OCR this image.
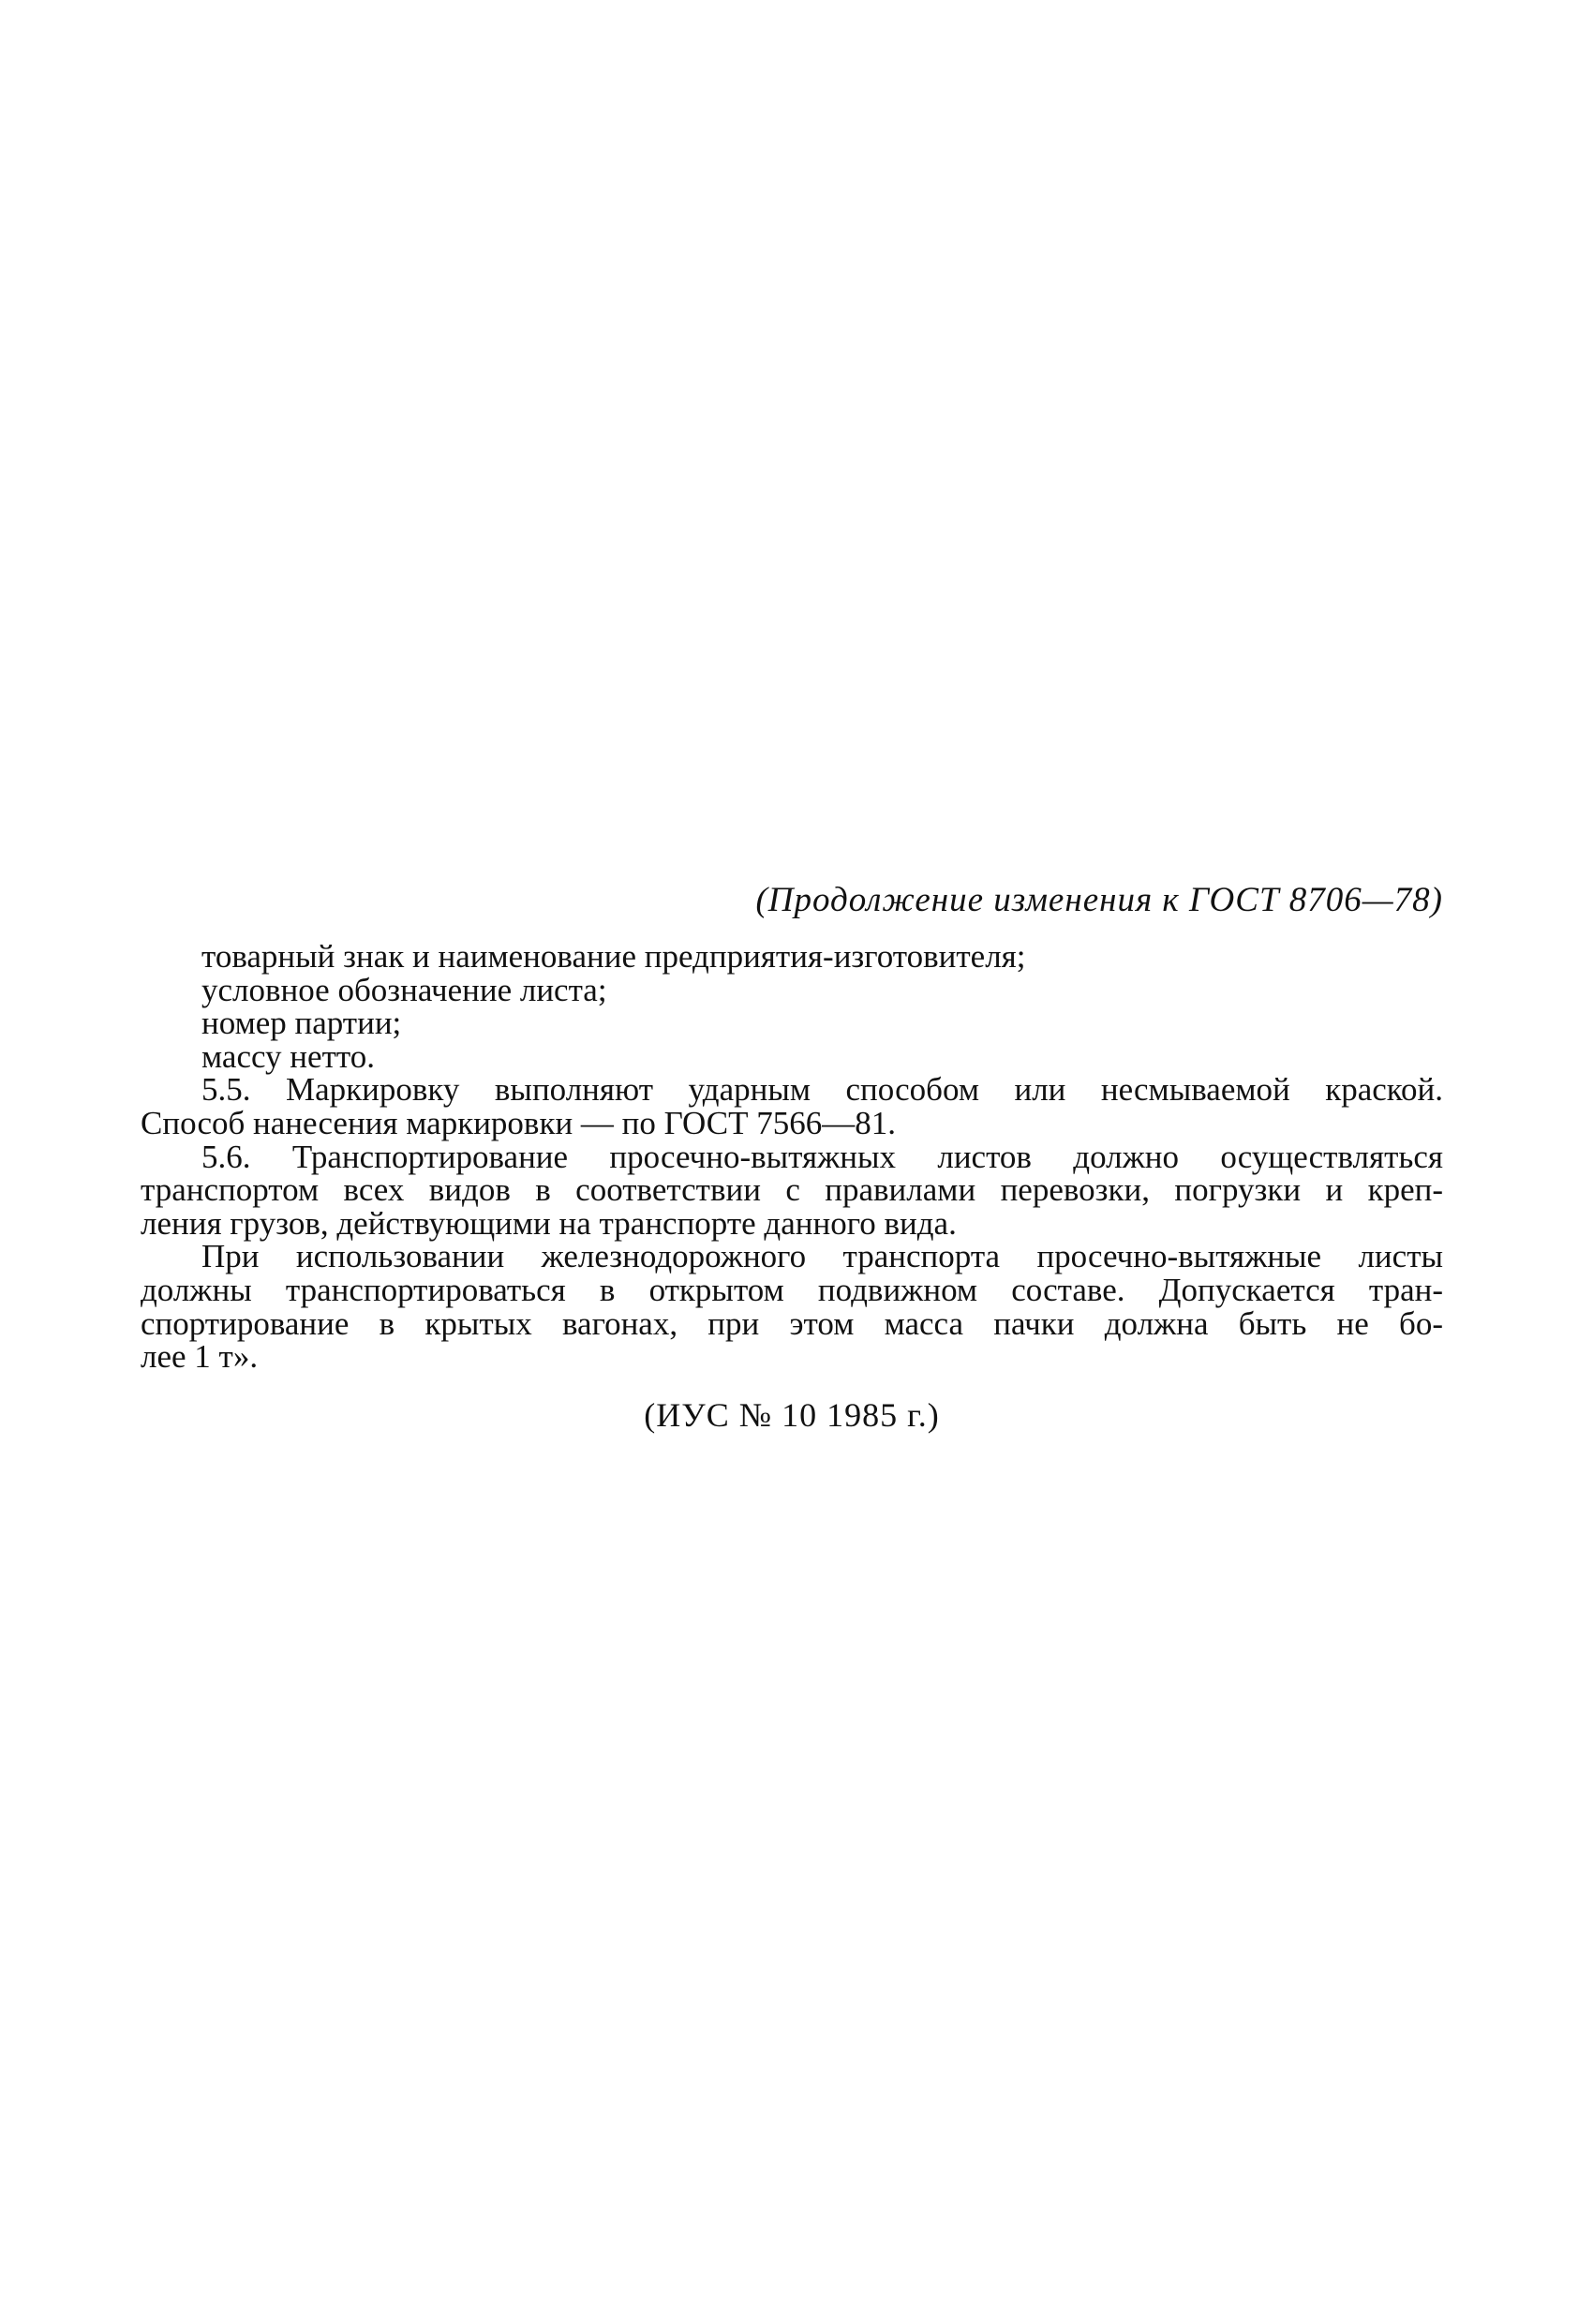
(Продолжение изменения к ГОСТ 8706—78)
товарный знак и наименование предприятия-изготовителя;
условное обозначение листа;
номер партии;
массу нетто.
5.5. Маркировку выполняют ударным способом или несмываемой краской.
Способ нанесения маркировки — по ГОСТ 7566—81.
5.6. Транспортирование просечно-вытяжных листов должно осуществляться
транспортом всех видов в соответствии с правилами перевозки, погрузки и креп-
ления грузов, действующими на транспорте данного вида.
При использовании железнодорожного транспорта просечно-вытяжные листы
должны транспортироваться в открытом подвижном составе. Допускается тран-
спортирование в крытых вагонах, при этом масса пачки должна быть не бо-
лее 1 т».
(ИУС № 10 1985 г.)
